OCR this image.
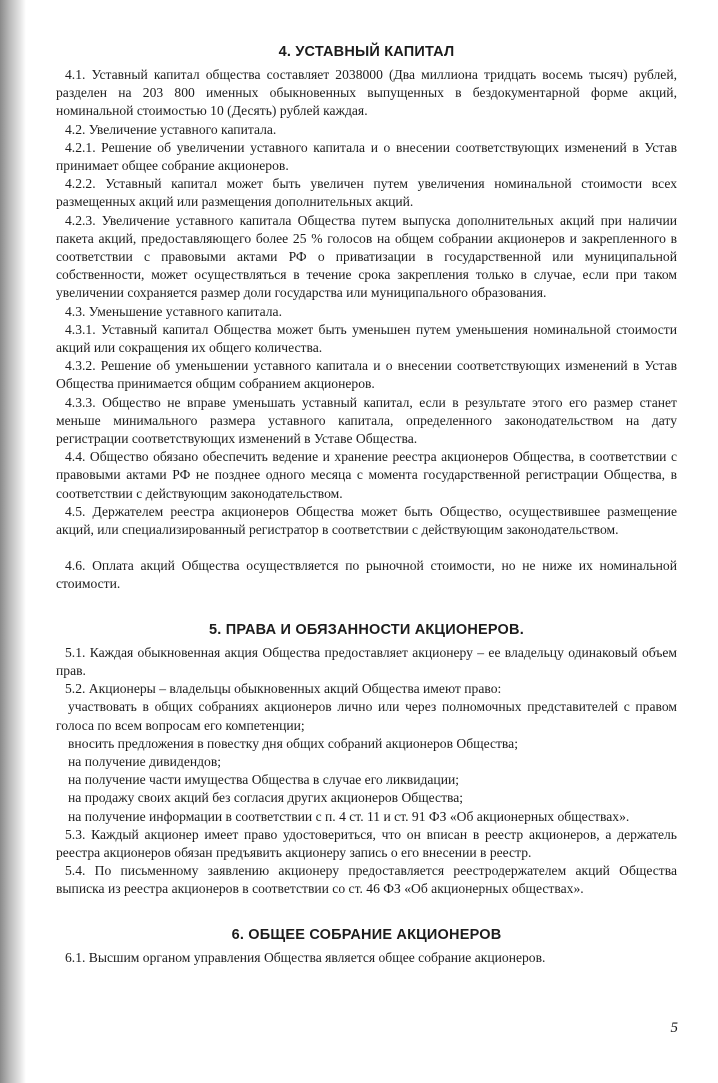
4. УСТАВНЫЙ КАПИТАЛ

4.1. Уставный капитал общества составляет 2038000 (Два миллиона тридцать восемь тысяч) рублей, разделен на 203 800 именных обыкновенных выпущенных в бездокументарной форме акций, номинальной стоимостью 10 (Десять) рублей каждая.

4.2. Увеличение уставного капитала.

4.2.1. Решение об увеличении уставного капитала и о внесении соответствующих изменений в Устав принимает общее собрание акционеров.

4.2.2. Уставный капитал может быть увеличен путем увеличения номинальной стоимости всех размещенных акций или размещения дополнительных акций.

4.2.3. Увеличение уставного капитала Общества путем выпуска дополнительных акций при наличии пакета акций, предоставляющего более 25 % голосов на общем собрании акционеров и закрепленного в соответствии с правовыми актами РФ о приватизации в государственной или муниципальной собственности, может осуществляться в течение срока закрепления только в случае, если при таком увеличении сохраняется размер доли государства или муниципального образования.

4.3. Уменьшение уставного капитала.

4.3.1. Уставный капитал Общества может быть уменьшен путем уменьшения номинальной стоимости акций или сокращения их общего количества.

4.3.2. Решение об уменьшении уставного капитала и о внесении соответствующих изменений в Устав Общества принимается общим собранием акционеров.

4.3.3. Общество не вправе уменьшать уставный капитал, если в результате этого его размер станет меньше минимального размера уставного капитала, определенного законодательством на дату регистрации соответствующих изменений в Уставе Общества.

4.4. Общество обязано обеспечить ведение и хранение реестра акционеров Общества, в соответствии с правовыми актами РФ не позднее одного месяца с момента государственной регистрации Общества, в соответствии с действующим законодательством.

4.5. Держателем реестра акционеров Общества может быть Общество, осуществившее размещение акций, или специализированный регистратор в соответствии с действующим законодательством.

4.6. Оплата акций Общества осуществляется по рыночной стоимости, но не ниже их номинальной стоимости.

5. ПРАВА И ОБЯЗАННОСТИ АКЦИОНЕРОВ.

5.1. Каждая обыкновенная акция Общества предоставляет акционеру – ее владельцу одинаковый объем прав.

5.2. Акционеры – владельцы обыкновенных акций Общества имеют право:

участвовать в общих собраниях акционеров лично или через полномочных представителей с правом голоса по всем вопросам его компетенции;

вносить предложения в повестку дня общих собраний акционеров Общества;

на получение дивидендов;

на получение части имущества Общества в случае его ликвидации;

на продажу своих акций без согласия других акционеров Общества;

на получение информации в соответствии с п. 4 ст. 11 и ст. 91 ФЗ «Об акционерных обществах».

5.3. Каждый акционер имеет право удостовериться, что он вписан в реестр акционеров, а держатель реестра акционеров обязан предъявить акционеру запись о его внесении в реестр.

5.4. По письменному заявлению акционеру предоставляется реестродержателем акций Общества выписка из реестра акционеров в соответствии со ст. 46 ФЗ «Об акционерных обществах».

6. ОБЩЕЕ СОБРАНИЕ АКЦИОНЕРОВ

6.1. Высшим органом управления Общества является общее собрание акционеров.

5
